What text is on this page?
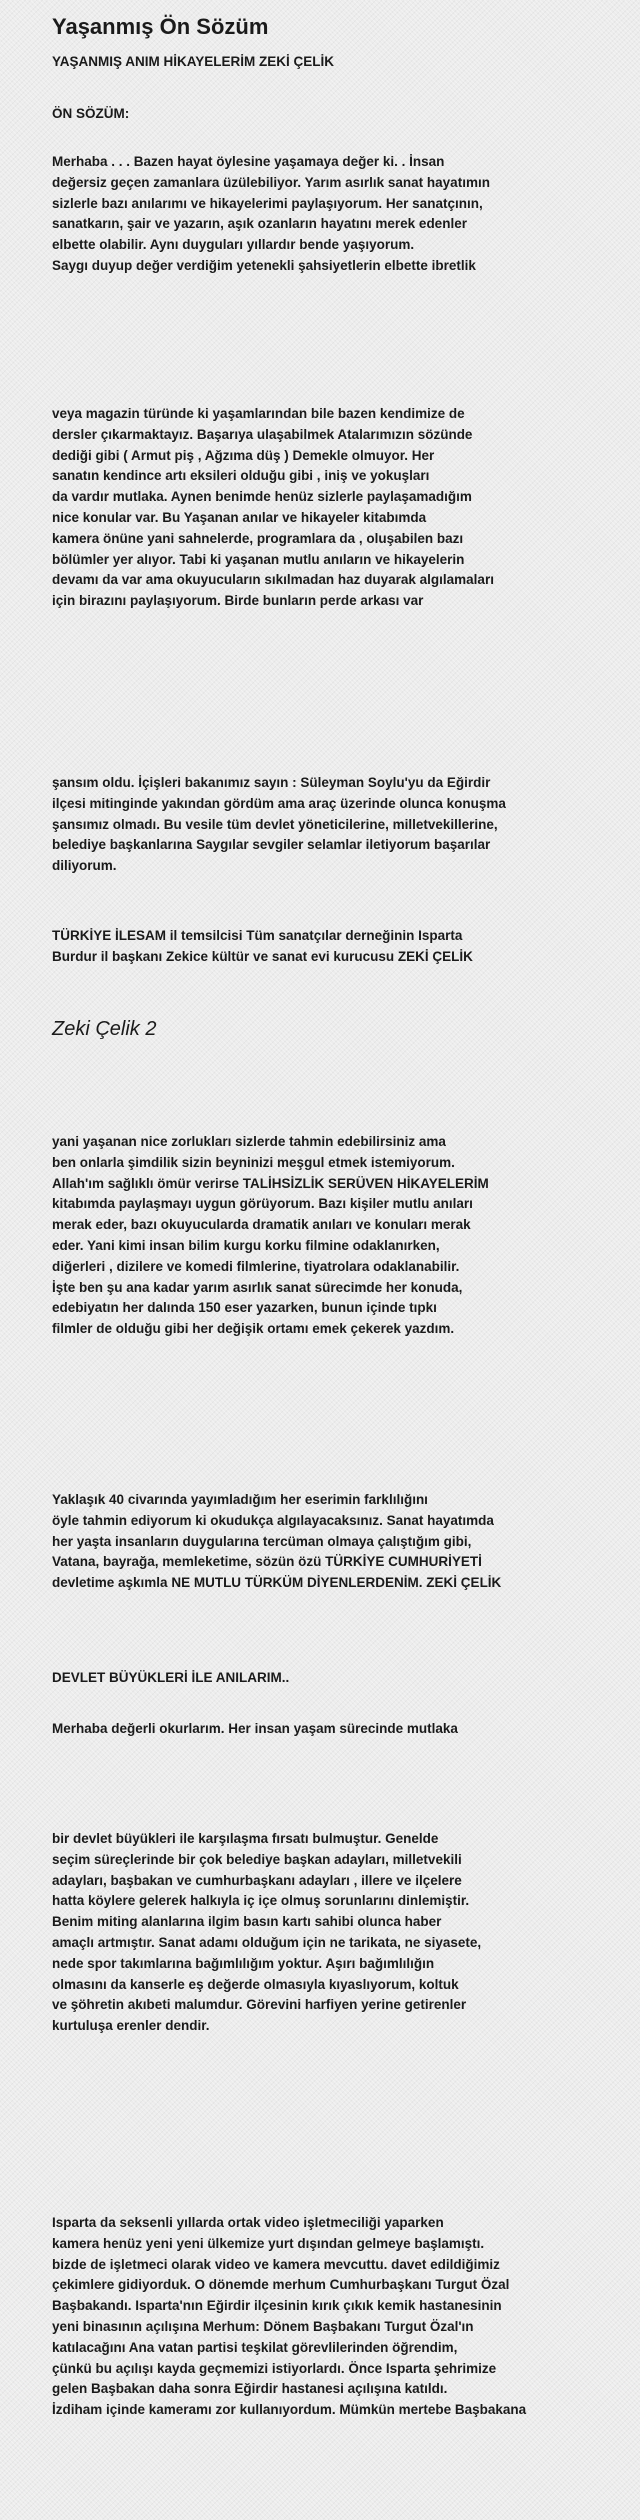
Yaşanmış Ön Sözüm
YAŞANMIŞ ANIM HİKAYELERİM ZEKİ ÇELİK
ÖN SÖZÜM:
Merhaba . . . Bazen hayat öylesine yaşamaya değer ki. . İnsan
değersiz geçen zamanlara üzülebiliyor. Yarım asırlık sanat hayatımın
sizlerle bazı anılarımı ve hikayelerimi paylaşıyorum. Her sanatçının,
sanatkarın, şair ve yazarın, aşık ozanların hayatını merek edenler
elbette olabilir. Aynı duyguları yıllardır bende yaşıyorum.
Saygı duyup değer verdiğim yetenekli şahsiyetlerin elbette ibretlik
veya magazin türünde ki yaşamlarından bile bazen kendimize de
dersler çıkarmaktayız. Başarıya ulaşabilmek Atalarımızın sözünde
dediği gibi ( Armut piş , Ağzıma düş ) Demekle olmuyor. Her
sanatın kendince artı eksileri olduğu gibi , iniş ve yokuşları
da vardır mutlaka. Aynen benimde henüz sizlerle paylaşamadığım
nice konular var. Bu Yaşanan anılar ve hikayeler kitabımda
kamera önüne yani sahnelerde, programlara da , oluşabilen bazı
bölümler yer alıyor. Tabi ki yaşanan mutlu anıların ve hikayelerin
devamı da var ama okuyucuların sıkılmadan haz duyarak algılamaları
için birazını paylaşıyorum. Birde bunların perde arkası var
şansım oldu. İçişleri bakanımız sayın : Süleyman Soylu'yu da Eğirdir
ilçesi mitinginde yakından gördüm ama araç üzerinde olunca konuşma
şansımız olmadı. Bu vesile tüm devlet yöneticilerine, milletvekillerine,
belediye başkanlarına Saygılar sevgiler selamlar iletiyorum başarılar
diliyorum.
TÜRKİYE İLESAM il temsilcisi Tüm sanatçılar derneğinin Isparta
Burdur il başkanı Zekice kültür ve sanat evi kurucusu ZEKİ ÇELİK
Zeki Çelik 2
yani yaşanan nice zorlukları sizlerde tahmin edebilirsiniz ama
ben onlarla şimdilik sizin beyninizi meşgul etmek istemiyorum.
Allah'ım sağlıklı ömür verirse TALİHSİZLİK SERÜVEN HİKAYELERİM
kitabımda paylaşmayı uygun görüyorum. Bazı kişiler mutlu anıları
merak eder, bazı okuyucularda dramatik anıları ve konuları merak
eder. Yani kimi insan bilim kurgu korku filmine odaklanırken,
diğerleri , dizilere ve komedi filmlerine, tiyatrolara odaklanabilir.
İşte ben şu ana kadar yarım asırlık sanat sürecimde her konuda,
edebiyatın her dalında 150 eser yazarken, bunun içinde tıpkı
filmler de olduğu gibi her değişik ortamı emek çekerek yazdım.
Yaklaşık 40 civarında yayımladığım her eserimin farklılığını
öyle tahmin ediyorum ki okudukça algılayacaksınız. Sanat hayatımda
her yaşta insanların duygularına tercüman olmaya çalıştığım gibi,
Vatana, bayrağa, memleketime, sözün özü TÜRKİYE CUMHURİYETİ
devletime aşkımla NE MUTLU TÜRKÜM DİYENLERDENİM. ZEKİ ÇELİK
DEVLET BÜYÜKLERİ İLE ANILARIM..
Merhaba değerli okurlarım. Her insan yaşam sürecinde mutlaka
bir devlet büyükleri ile karşılaşma fırsatı bulmuştur. Genelde
seçim süreçlerinde bir çok belediye başkan adayları, milletvekili
adayları, başbakan ve cumhurbaşkanı adayları , illere ve ilçelere
hatta köylere gelerek halkıyla iç içe olmuş sorunlarını dinlemiştir.
Benim miting alanlarına ilgim basın kartı sahibi olunca haber
amaçlı artmıştır. Sanat adamı olduğum için ne tarikata, ne siyasete,
nede spor takımlarına bağımlılığım yoktur. Aşırı bağımlılığın
olmasını da kanserle eş değerde olmasıyla kıyaslıyorum, koltuk
ve şöhretin akıbeti malumdur. Görevini harfiyen yerine getirenler
kurtuluşa erenler dendir.
Isparta da seksenli yıllarda ortak video işletmeciliği yaparken
kamera henüz yeni yeni ülkemize yurt dışından gelmeye başlamıştı.
bizde de işletmeci olarak video ve kamera mevcuttu. davet edildiğimiz
çekimlere gidiyorduk. O dönemde merhum Cumhurbaşkanı Turgut Özal
Başbakandı. Isparta'nın Eğirdir ilçesinin kırık çıkık kemik hastanesinin
yeni binasının açılışına Merhum: Dönem Başbakanı Turgut Özal'ın
katılacağını Ana vatan partisi teşkilat görevlilerinden öğrendim,
çünkü bu açılışı kayda geçmemizi istiyorlardı. Önce Isparta şehrimize
gelen Başbakan daha sonra Eğirdir hastanesi açılışına katıldı.
İzdiham içinde kameramı zor kullanıyordum. Mümkün mertebe Başbakana
